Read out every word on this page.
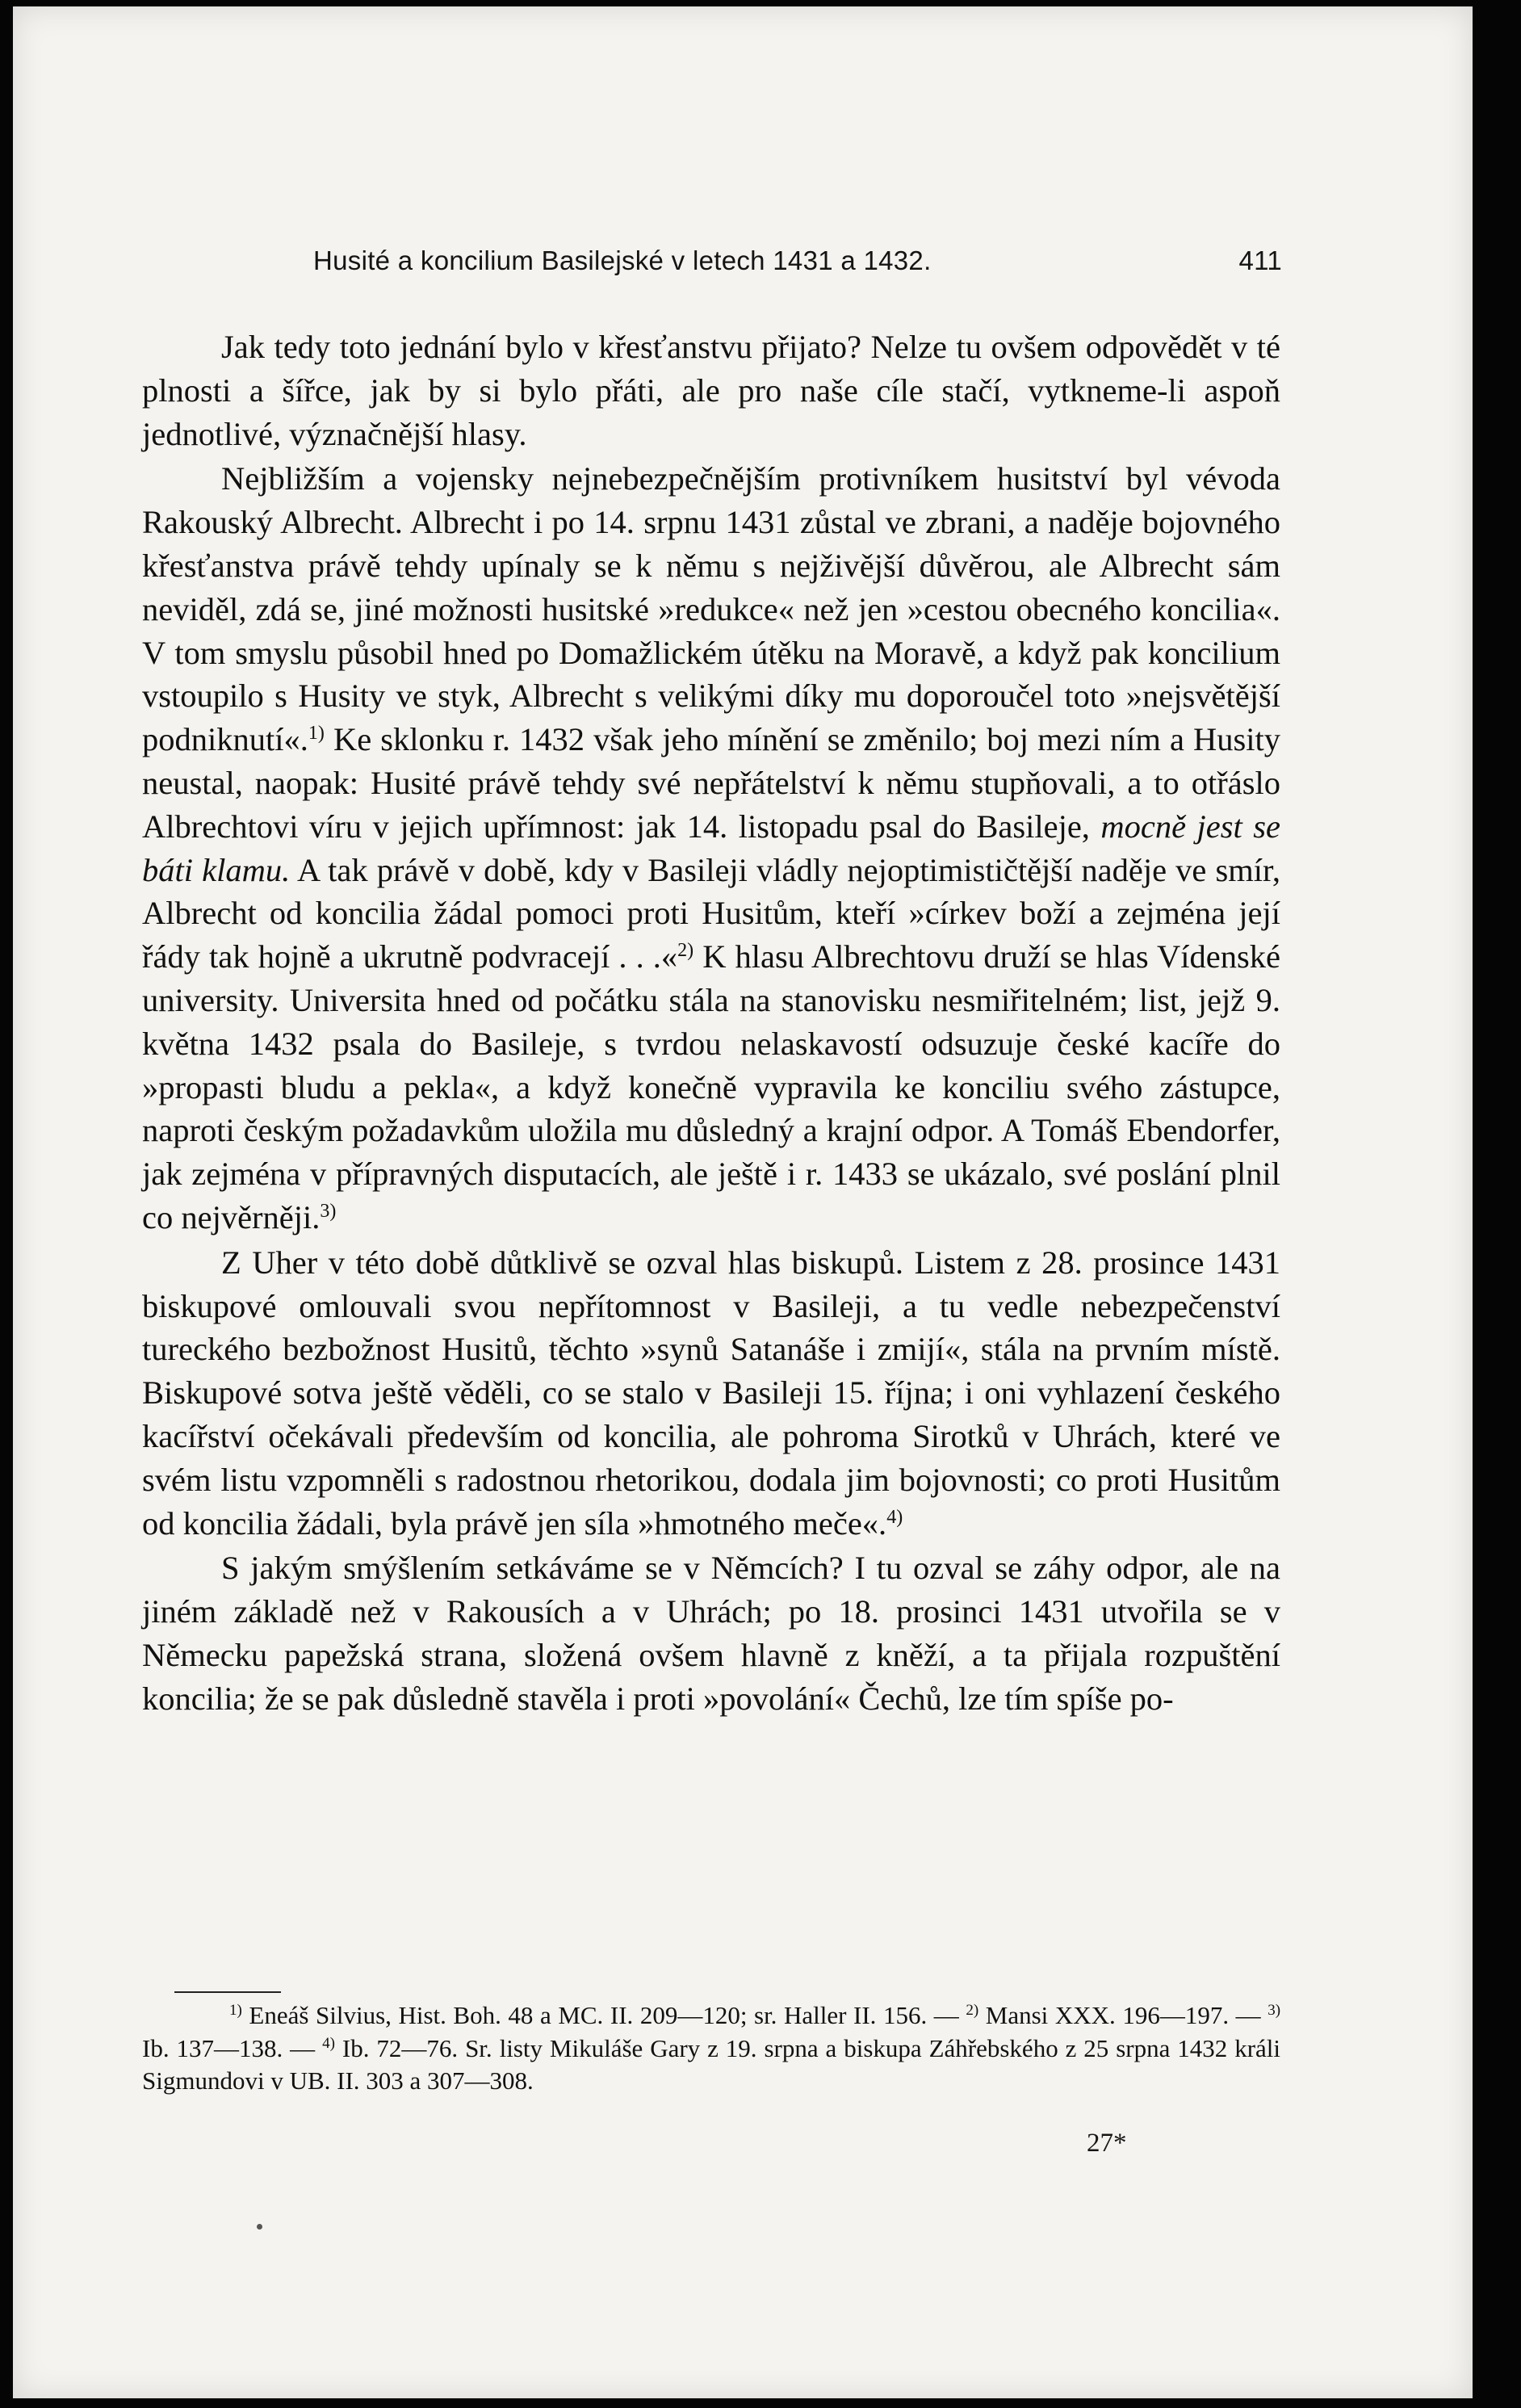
Husité a koncilium Basilejské v letech 1431 a 1432.	411

Jak tedy toto jednání bylo v křesťanstvu přijato? Nelze tu ovšem odpovědět v té plnosti a šířce, jak by si bylo přáti, ale pro naše cíle stačí, vytkneme-li aspoň jednotlivé, význačnější hlasy.

Nejbližším a vojensky nejnebezpečnějším protivníkem husitství byl vévoda Rakouský Albrecht. Albrecht i po 14. srpnu 1431 zůstal ve zbrani, a naděje bojovného křesťanstva právě tehdy upínaly se k němu s nejživější důvěrou, ale Albrecht sám neviděl, zdá se, jiné možnosti husitské »redukce« než jen »cestou obecného koncilia«. V tom smyslu působil hned po Domažlickém útěku na Moravě, a když pak koncilium vstoupilo s Husity ve styk, Albrecht s velikými díky mu doporoučel toto »nejsvětější podniknutí«.$^{1)}$ Ke sklonku r. 1432 však jeho mínění se změnilo; boj mezi ním a Husity neustal, naopak: Husité právě tehdy své nepřátelství k němu stupňovali, a to otřáslo Albrechtovi víru v jejich upřímnost: jak 14. listopadu psal do Basileje, mocně jest se báti klamu. A tak právě v době, kdy v Basileji vládly nejoptimističtější naděje ve smír, Albrecht od koncilia žádal pomoci proti Husitům, kteří »církev boží a zejména její řády tak hojně a ukrutně podvracejí . . .«$^{2)}$ K hlasu Albrechtovu druží se hlas Vídenské university. Universita hned od počátku stála na stanovisku nesmiřitelném; list, jejž 9. května 1432 psala do Basileje, s tvrdou nelaskavostí odsuzuje české kacíře do »propasti bludu a pekla«, a když konečně vypravila ke konciliu svého zástupce, naproti českým požadavkům uložila mu důsledný a krajní odpor. A Tomáš Ebendorfer, jak zejména v přípravných disputacích, ale ještě i r. 1433 se ukázalo, své poslání plnil co nejvěrněji.$^{3)}$

Z Uher v této době důtklivě se ozval hlas biskupů. Listem z 28. prosince 1431 biskupové omlouvali svou nepřítomnost v Basileji, a tu vedle nebezpečenství tureckého bezbožnost Husitů, těchto »synů Satanáše i zmijí«, stála na prvním místě. Biskupové sotva ještě věděli, co se stalo v Basileji 15. října; i oni vyhlazení českého kacířství očekávali především od koncilia, ale pohroma Sirotků v Uhrách, které ve svém listu vzpomněli s radostnou rhetorikou, dodala jim bojovnosti; co proti Husitům od koncilia žádali, byla právě jen síla »hmotného meče«.$^{4)}$

S jakým smýšlením setkáváme se v Němcích? I tu ozval se záhy odpor, ale na jiném základě než v Rakousích a v Uhrách; po 18. prosinci 1431 utvořila se v Německu papežská strana, složená ovšem hlavně z kněží, a ta přijala rozpuštění koncilia; že se pak důsledně stavěla i proti »povolání« Čechů, lze tím spíše po-

$^{1)}$ Eneáš Silvius, Hist. Boh. 48 a MC. II. 209—120; sr. Haller II. 156. — $^{2)}$ Mansi XXX. 196—197. — $^{3)}$ Ib. 137—138. — $^{4)}$ Ib. 72—76. Sr. listy Mikuláše Gary z 19. srpna a biskupa Záhřebského z 25 srpna 1432 králi Sigmundovi v UB. II. 303 a 307—308.

27*
